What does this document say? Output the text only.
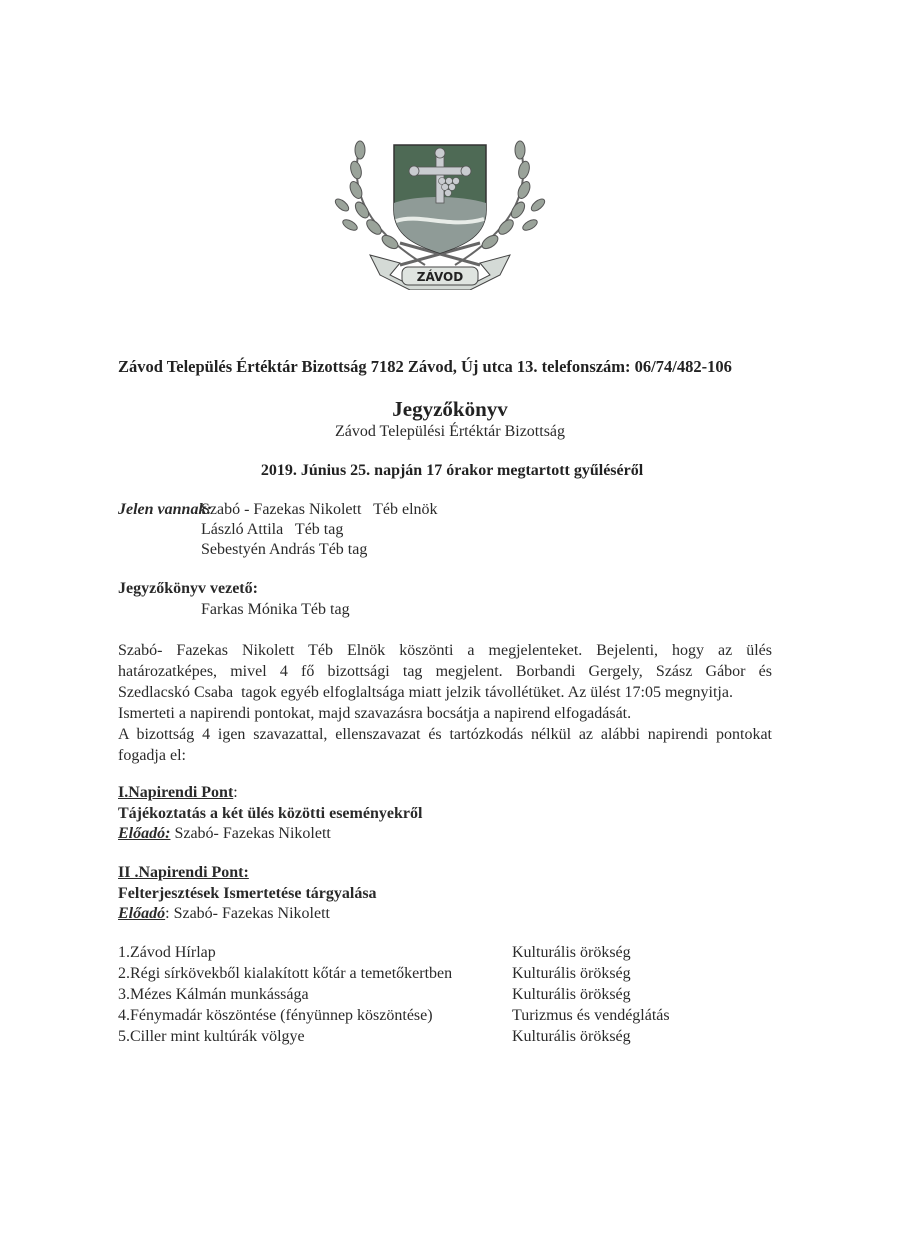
ZÁVOD
Závod Település Értéktár Bizottság 7182 Závod, Új utca 13. telefonszám: 06/74/482-106
Jegyzőkönyv
Závod Települési Értéktár Bizottság
2019. Június 25. napján 17 órakor megtartott gyűléséről
Jelen vannak:
Szabó - Fazekas Nikolett   Téb elnök
László Attila   Téb tag
Sebestyén András Téb tag
Jegyzőkönyv vezető:
Farkas Mónika Téb tag

Szabó- Fazekas Nikolett Téb Elnök köszönti a megjelenteket. Bejelenti, hogy az ülés

határozatképes, mivel 4 fő bizottsági tag megjelent. Borbandi Gergely, Szász Gábor és

Szedlacskó Csaba  tagok egyéb elfoglaltsága miatt jelzik távollétüket. Az ülést 17:05 megnyitja.

Ismerteti a napirendi pontokat, majd szavazásra bocsátja a napirend elfogadását.

A bizottság 4 igen szavazattal, ellenszavazat és tartózkodás nélkül az alábbi napirendi pontokat

fogadja el:

I.Napirendi Pont:
Tájékoztatás a két ülés közötti eseményekről
Előadó: Szabó- Fazekas Nikolett
II .Napirendi Pont:
Felterjesztések Ismertetése tárgyalása
Előadó: Szabó- Fazekas Nikolett
1.Závod Hírlap	Kulturális örökség
2.Régi sírkövekből kialakított kőtár a temetőkertben	Kulturális örökség
3.Mézes Kálmán munkássága	Kulturális örökség
4.Fénymadár köszöntése (fényünnep köszöntése)	Turizmus és vendéglátás
5.Ciller mint kultúrák völgye	Kulturális örökség
